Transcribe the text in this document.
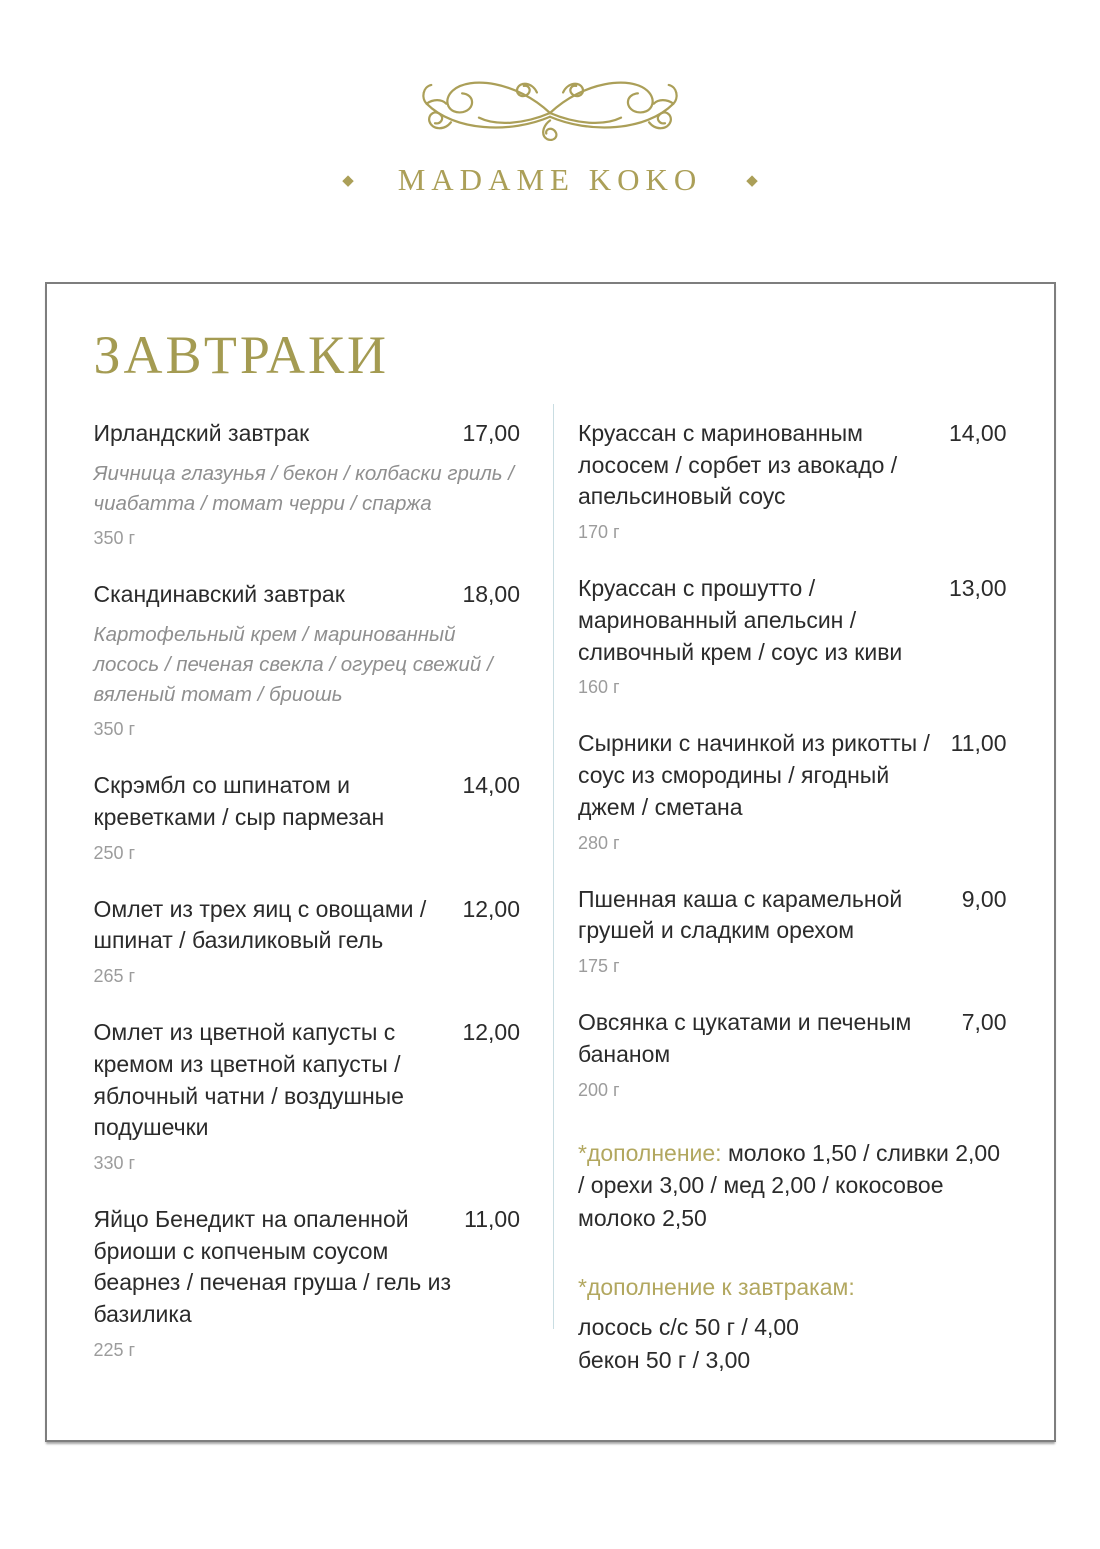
◆ MADAME KOKO	◆
ЗАВТРАКИ
Ирландский завтрак	17,00
Яичница глазунья / бекон / колбаски гриль / чиабатта / томат черри / спаржа
350 г
Скандинавский завтрак	18,00
Картофельный крем / маринованный лосось / печеная свекла / огурец свежий / вяленый томат / бриошь
350 г
Скрэмбл со шпинатом и креветками / сыр пармезан
14,00
250 г
Омлет из трех яиц с овощами / шпинат / базиликовый гель
12,00
265 г
Омлет из цветной капусты с кремом из цветной капусты / яблочный чатни / воздушные подушечки
12,00
330 г
Яйцо Бенедикт на опаленной бриоши с копченым соусом беарнез / печеная груша / гель из базилика
11,00
225 г
Круассан с маринованным лососем / сорбет из авокадо / апельсиновый соус
14,00
170 г
Круассан с прошутто / маринованный апельсин / сливочный крем / соус из киви
13,00
160 г
Сырники с начинкой из рикотты / соус из смородины / ягодный джем / сметана
11,00
280 г
Пшенная каша с карамельной грушей и сладким орехом
9,00
175 г
Овсянка с цукатами и печеным бананом
7,00
200 г
*дополнение: молоко 1,50 / сливки 2,00 / орехи 3,00 / мед 2,00 / кокосовое молоко 2,50
*дополнение к завтракам:
лосось с/с 50 г / 4,00
бекон 50 г / 3,00
